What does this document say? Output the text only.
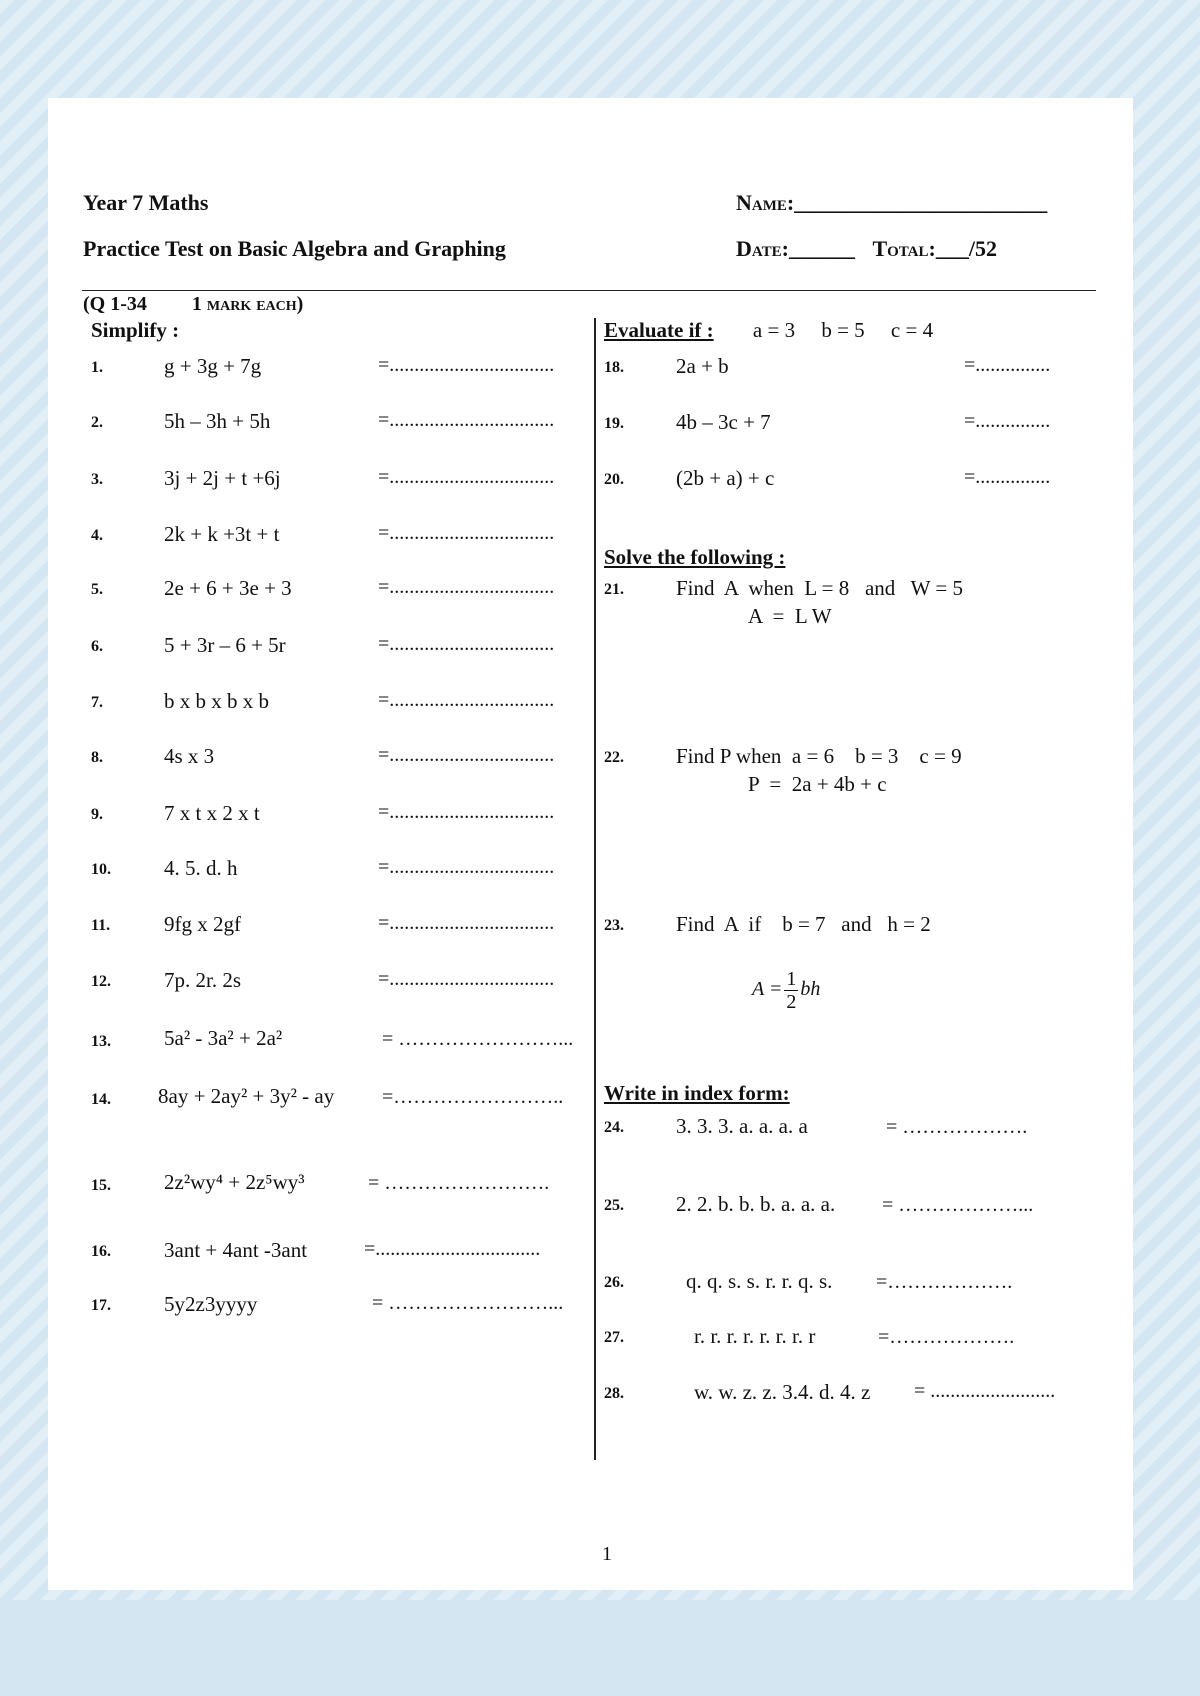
Year 7 Maths
Practice Test on Basic Algebra and Graphing
Name:_______________________
Date:______ Total:___/52
(Q 1-34 1 mark each)
Simplify :
1.	g + 3g + 7g	=.................................
2.	5h – 3h + 5h	=.................................
3.	3j + 2j + t +6j	=.................................
4.	2k + k +3t + t	=.................................
5.	2e + 6 + 3e + 3	=.................................
6.	5 + 3r – 6 + 5r	=.................................
7.	b x b x b x b	=.................................
8.	4s x 3	=.................................
9.	7 x t x 2 x t	=.................................
10.	4. 5. d. h	=.................................
11.	9fg x 2gf	=.................................
12.	7p. 2r. 2s	=.................................
13.	5a² - 3a² + 2a²	= ……………………...
14. 8ay + 2ay² + 3y² - ay =……………………..
15.	2z²wy⁴ + 2z⁵wy³	= …………………….
16.	3ant + 4ant -3ant	=.................................
17.	5y2z3yyyy	= ……………………...
Evaluate if : a = 3     b = 5     c = 4
18. 2a + b	=...............
19. 4b – 3c + 7	=...............
20. (2b + a) + c	=...............
Solve the following :
21. Find  A  when  L = 8   and   W = 5
A  =  L W
22. Find P when  a = 6    b = 3    c = 9
P  =  2a + 4b + c
23. Find  A  if    b = 7   and   h = 2
$A = \frac{1}{2}$ bh
Write in index form:
24. 3. 3. 3. a. a. a. a	= ……………….
25. 2. 2. b. b. b. a. a. a. = ………………...
26.	q. q. s. s. r. r. q. s. =……………….
27.	r. r. r. r. r. r. r. r	=……………….
28.	w. w. z. z. 3.4. d. 4. z = .........................
1
